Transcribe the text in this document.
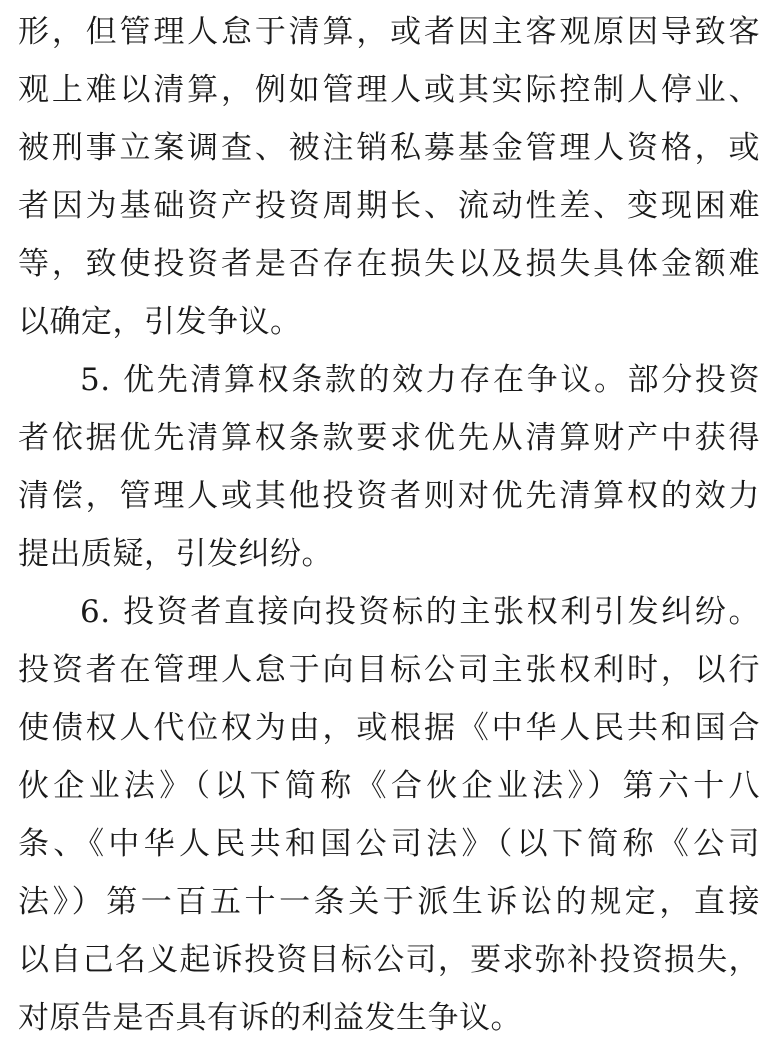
形，但管理人怠于清算，或者因主客观原因导致客
观上难以清算，例如管理人或其实际控制人停业、
被刑事立案调查、被注销私募基金管理人资格，或
者因为基础资产投资周期长、流动性差、变现困难
等，致使投资者是否存在损失以及损失具体金额难
以确定，引发争议。
5. 优先清算权条款的效力存在争议。部分投资
者依据优先清算权条款要求优先从清算财产中获得
清偿，管理人或其他投资者则对优先清算权的效力
提出质疑，引发纠纷。
6. 投资者直接向投资标的主张权利引发纠纷。
投资者在管理人怠于向目标公司主张权利时，以行
使债权人代位权为由，或根据《中华人民共和国合
伙企业法》（以下简称《合伙企业法》）第六十八
条、《中华人民共和国公司法》（以下简称《公司
法》）第一百五十一条关于派生诉讼的规定，直接
以自己名义起诉投资目标公司，要求弥补投资损失，
对原告是否具有诉的利益发生争议。
